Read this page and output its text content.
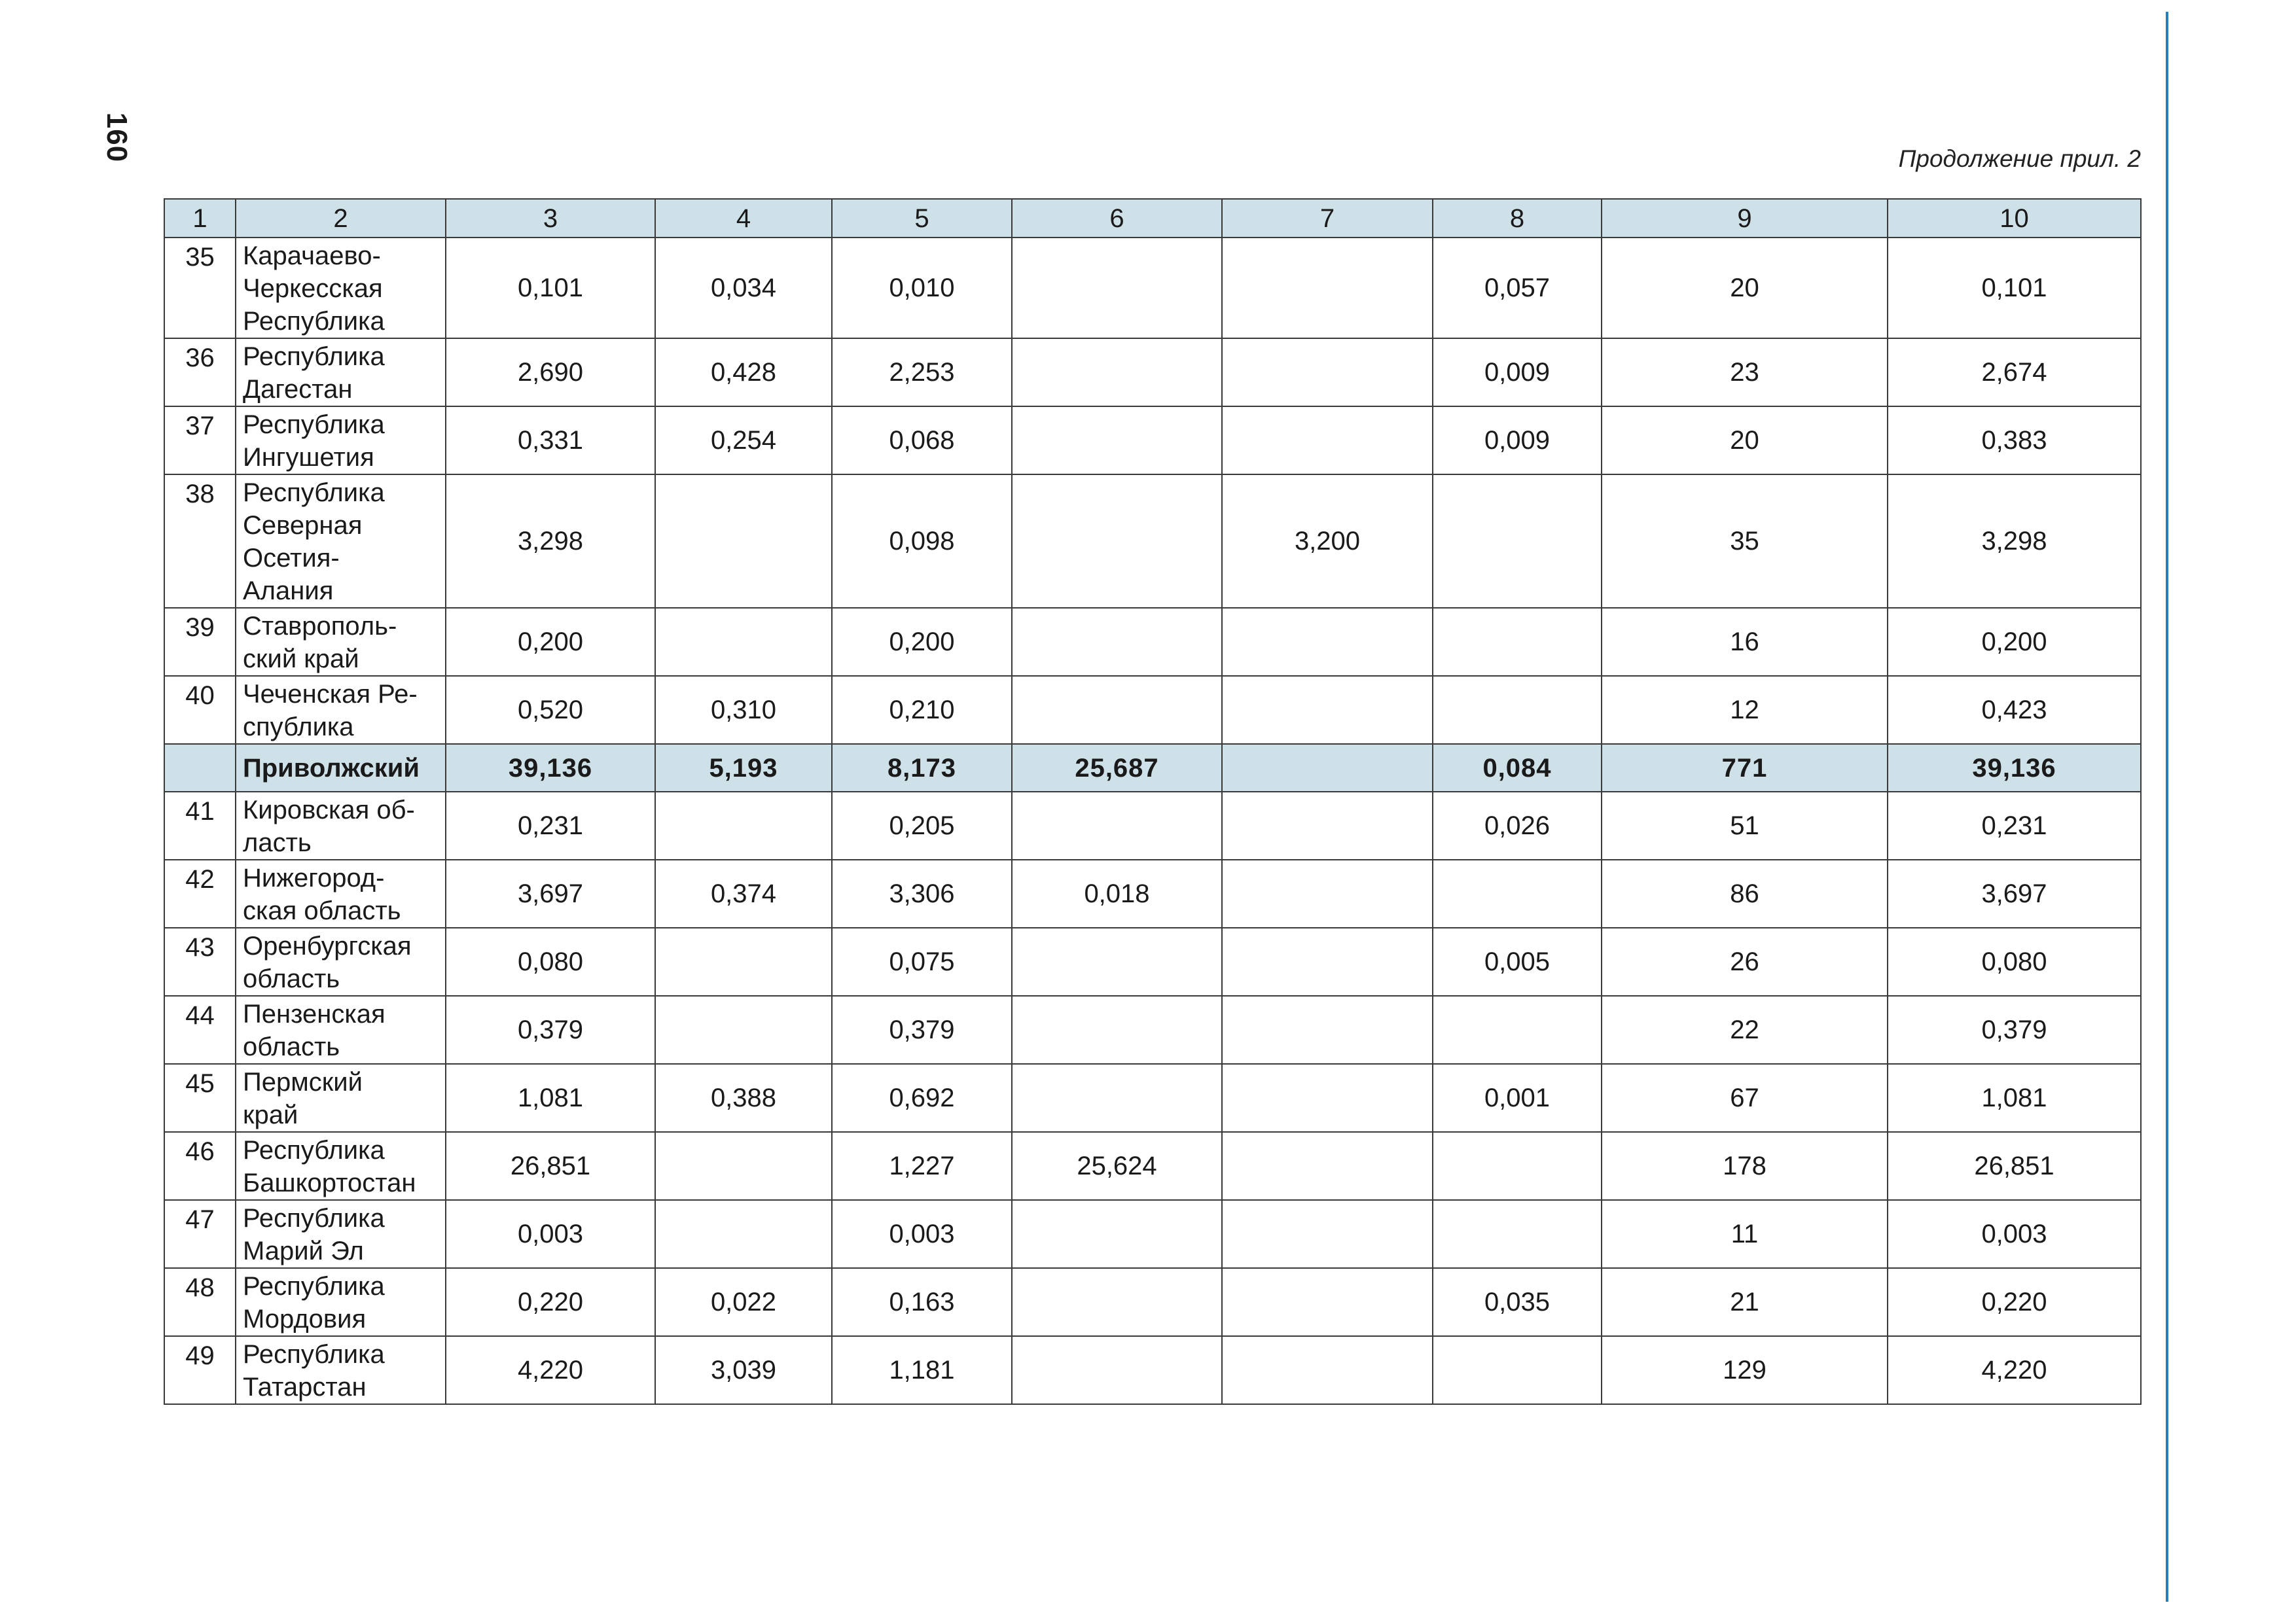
160	Продолжение прил. 2
1	2	3	4	5	6	7	8	9	10
35	Карачаево-
Черкесская
Республика	0,101	0,034	0,010			0,057	20	0,101
36	Республика
Дагестан	2,690	0,428	2,253			0,009	23	2,674
37	Республика
Ингушетия	0,331	0,254	0,068			0,009	20	0,383
38	Республика
Северная
Осетия-
Алания	3,298		0,098		3,200		35	3,298
39	Ставрополь-
ский край	0,200		0,200				16	0,200
40	Чеченская Ре-
спублика	0,520	0,310	0,210				12	0,423
	Приволжский	39,136	5,193	8,173	25,687		0,084	771	39,136
41	Кировская об-
ласть	0,231		0,205			0,026	51	0,231
42	Нижегород-
ская область	3,697	0,374	3,306	0,018			86	3,697
43	Оренбургская
область	0,080		0,075			0,005	26	0,080
44	Пензенская
область	0,379		0,379				22	0,379
45	Пермский
край	1,081	0,388	0,692			0,001	67	1,081
46	Республика
Башкортостан	26,851		1,227	25,624			178	26,851
47	Республика
Марий Эл	0,003		0,003				11	0,003
48	Республика
Мордовия	0,220	0,022	0,163			0,035	21	0,220
49	Республика
Татарстан	4,220	3,039	1,181				129	4,220
